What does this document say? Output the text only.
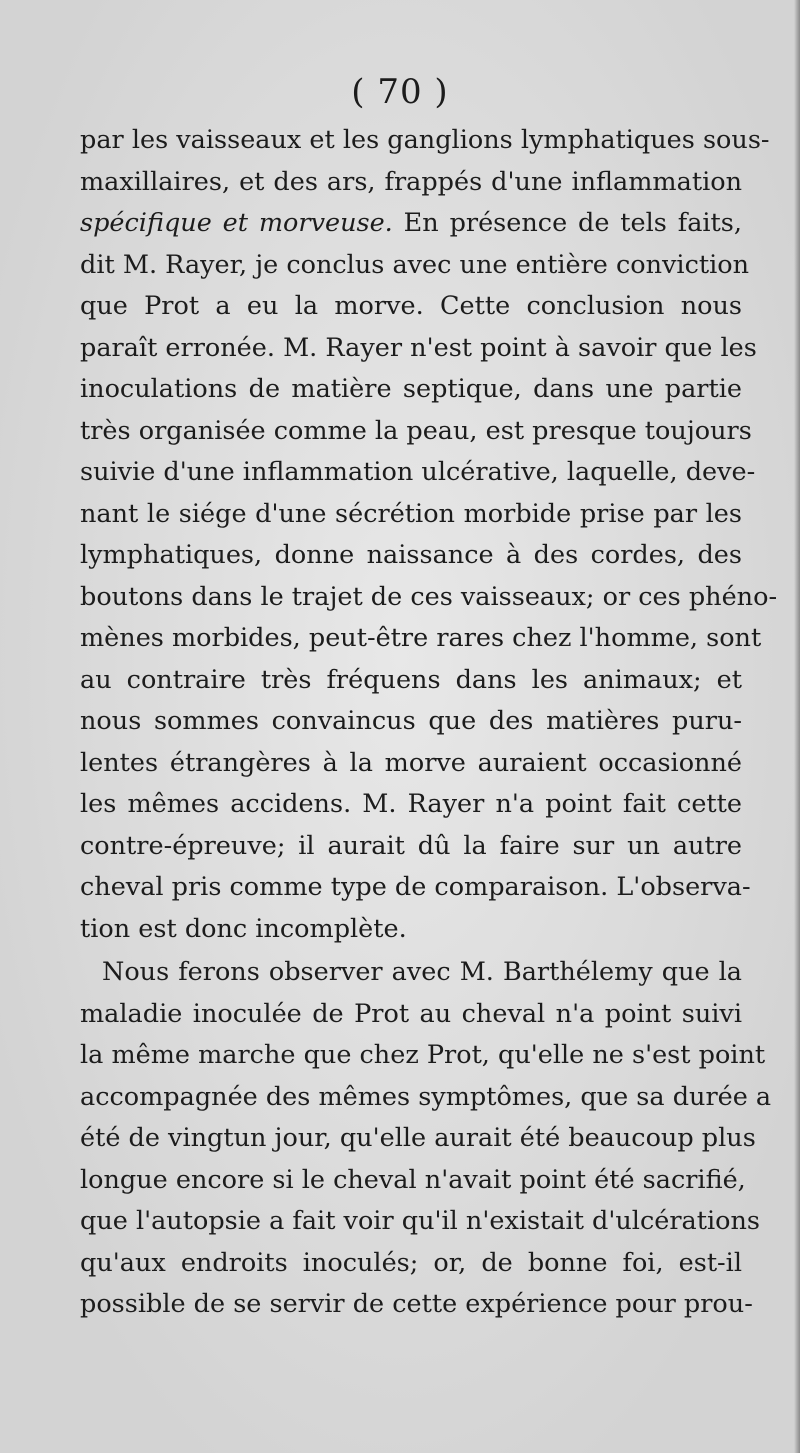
( 70 )
par les vaisseaux et les ganglions lymphatiques sous-
maxillaires, et des ars, frappés d'une inflammation
spécifique et morveuse. En présence de tels faits,
dit M. Rayer, je conclus avec une entière conviction
que Prot a eu la morve. Cette conclusion nous
paraît erronée. M. Rayer n'est point à savoir que les
inoculations de matière septique, dans une partie
très organisée comme la peau, est presque toujours
suivie d'une inflammation ulcérative, laquelle, deve-
nant le siége d'une sécrétion morbide prise par les
lymphatiques, donne naissance à des cordes, des
boutons dans le trajet de ces vaisseaux; or ces phéno-
mènes morbides, peut-être rares chez l'homme, sont
au contraire très fréquens dans les animaux; et
nous sommes convaincus que des matières puru-
lentes étrangères à la morve auraient occasionné
les mêmes accidens. M. Rayer n'a point fait cette
contre-épreuve; il aurait dû la faire sur un autre
cheval pris comme type de comparaison. L'observa-
tion est donc incomplète.
Nous ferons observer avec M. Barthélemy que la
maladie inoculée de Prot au cheval n'a point suivi
la même marche que chez Prot, qu'elle ne s'est point
accompagnée des mêmes symptômes, que sa durée a
été de vingtun jour, qu'elle aurait été beaucoup plus
longue encore si le cheval n'avait point été sacrifié,
que l'autopsie a fait voir qu'il n'existait d'ulcérations
qu'aux endroits inoculés; or, de bonne foi, est-il
possible de se servir de cette expérience pour prou-
